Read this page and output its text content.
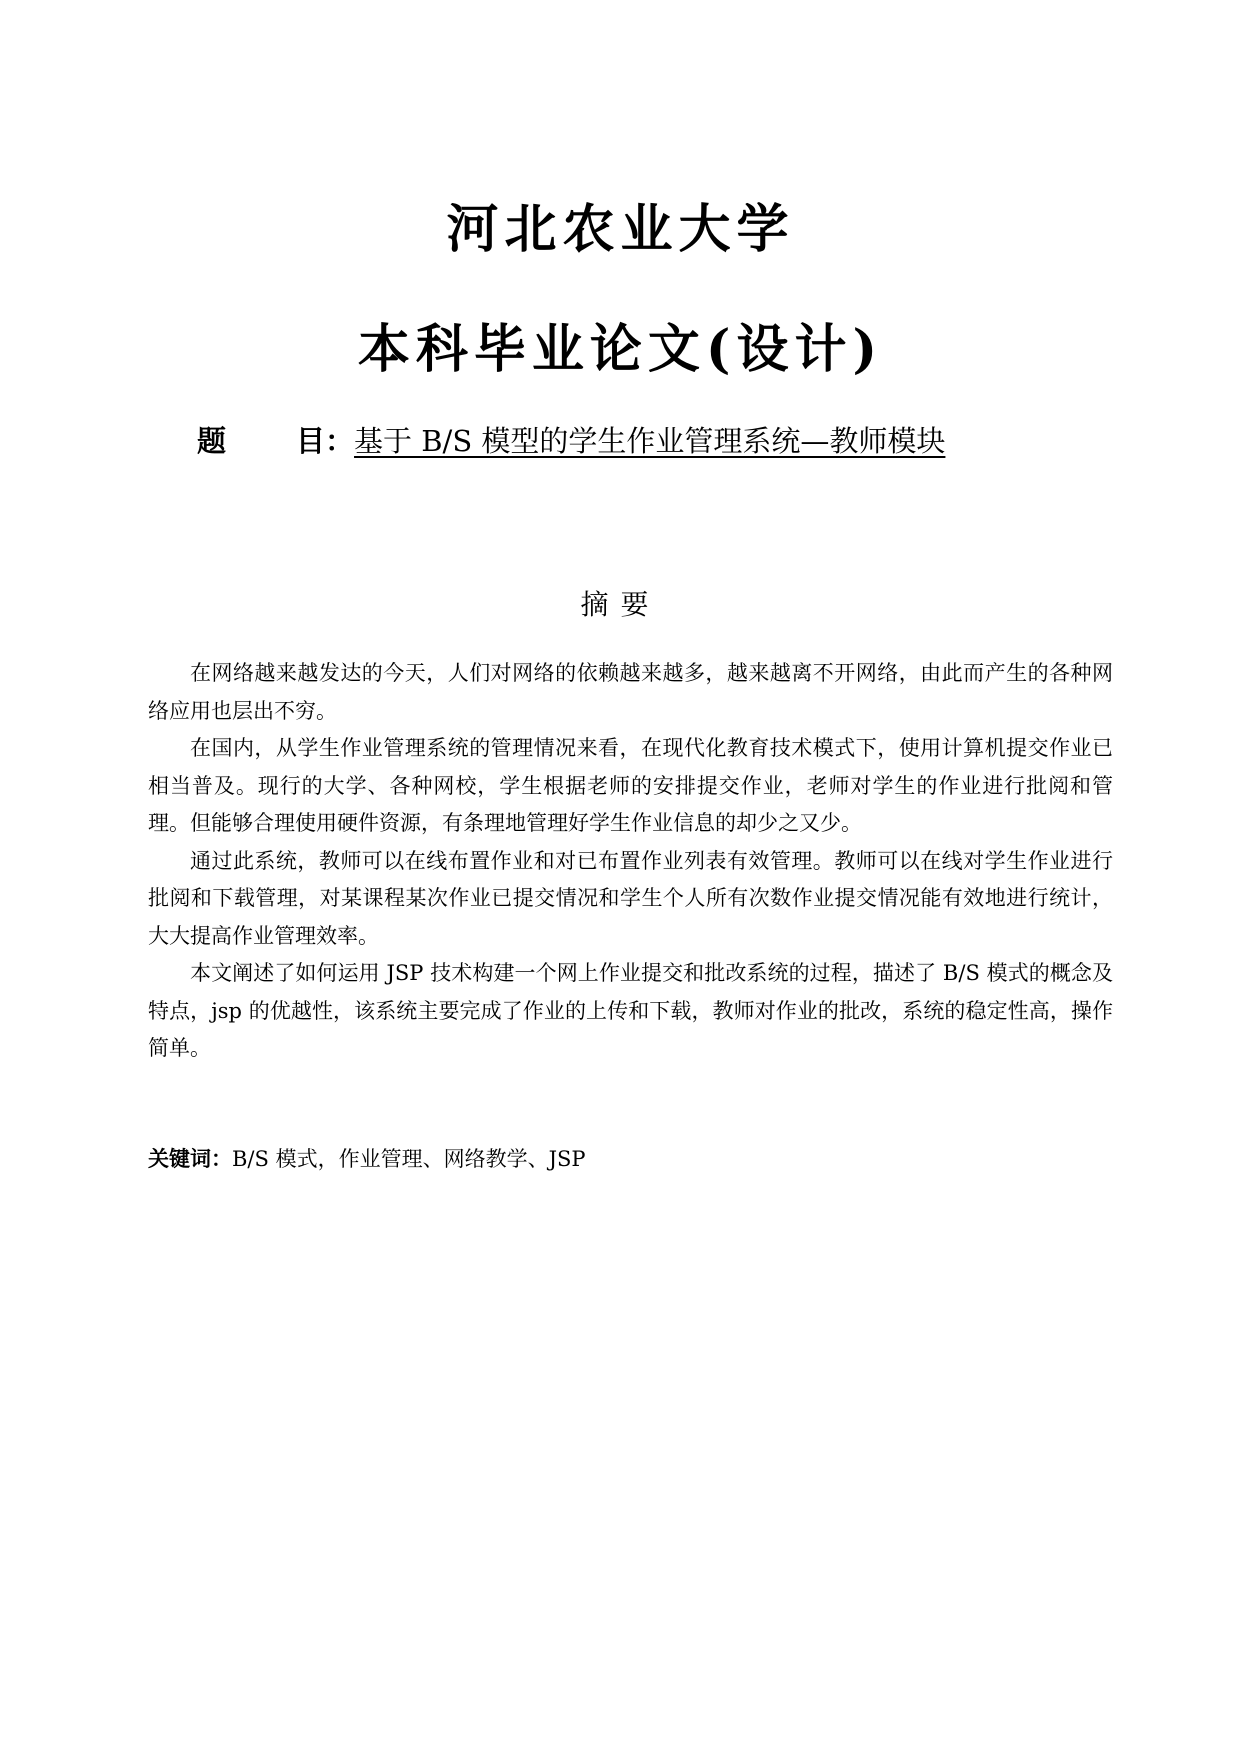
河北农业大学
本科毕业论文(设计)
题 目：基于 B/S 模型的学生作业管理系统—教师模块
摘要

在网络越来越发达的今天，人们对网络的依赖越来越多，越来越离不开网络，由此而产生的各种网络应用也层出不穷。

在国内，从学生作业管理系统的管理情况来看，在现代化教育技术模式下，使用计算机提交作业已相当普及。现行的大学、各种网校，学生根据老师的安排提交作业，老师对学生的作业进行批阅和管理。但能够合理使用硬件资源，有条理地管理好学生作业信息的却少之又少。

通过此系统，教师可以在线布置作业和对已布置作业列表有效管理。教师可以在线对学生作业进行批阅和下载管理，对某课程某次作业已提交情况和学生个人所有次数作业提交情况能有效地进行统计，大大提高作业管理效率。

本文阐述了如何运用 JSP 技术构建一个网上作业提交和批改系统的过程，描述了 B/S 模式的概念及特点，jsp 的优越性，该系统主要完成了作业的上传和下载，教师对作业的批改，系统的稳定性高，操作简单。

关键词：B/S 模式，作业管理、网络教学、JSP
